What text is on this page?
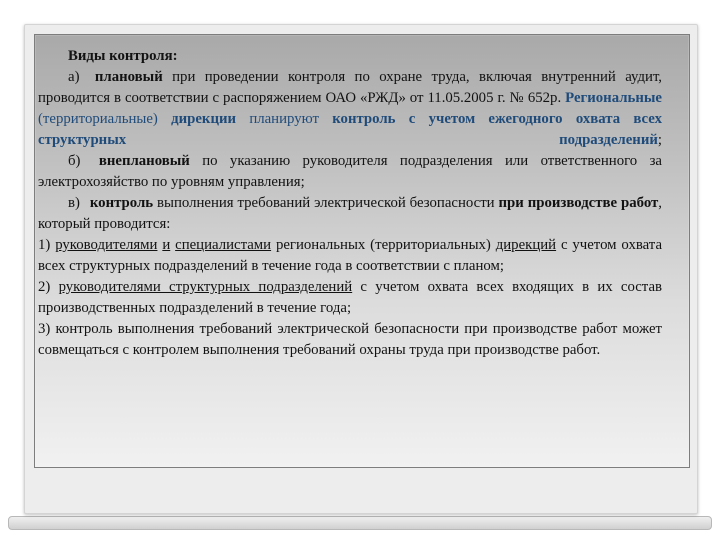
Виды контроля:

а) плановый при проведении контроля по охране труда, включая внутренний аудит, проводится в соответствии с распоряжением ОАО «РЖД» от 11.05.2005 г. № 652р. Региональные (территориальные) дирекции планируют контроль с учетом ежегодного охвата всех структурных подразделений;

б) внеплановый по указанию руководителя подразделения или ответственного за электрохозяйство по уровням управления;

в) контроль выполнения требований электрической безопасности при производстве работ, который проводится:

1) руководителями и специалистами региональных (территориальных) дирекций с учетом охвата всех структурных подразделений в течение года в соответствии с планом;

2) руководителями структурных подразделений с учетом охвата всех входящих в их состав производственных подразделений в течение года;

3) контроль выполнения требований электрической безопасности при производстве работ может совмещаться с контролем выполнения требований охраны труда при производстве работ.
